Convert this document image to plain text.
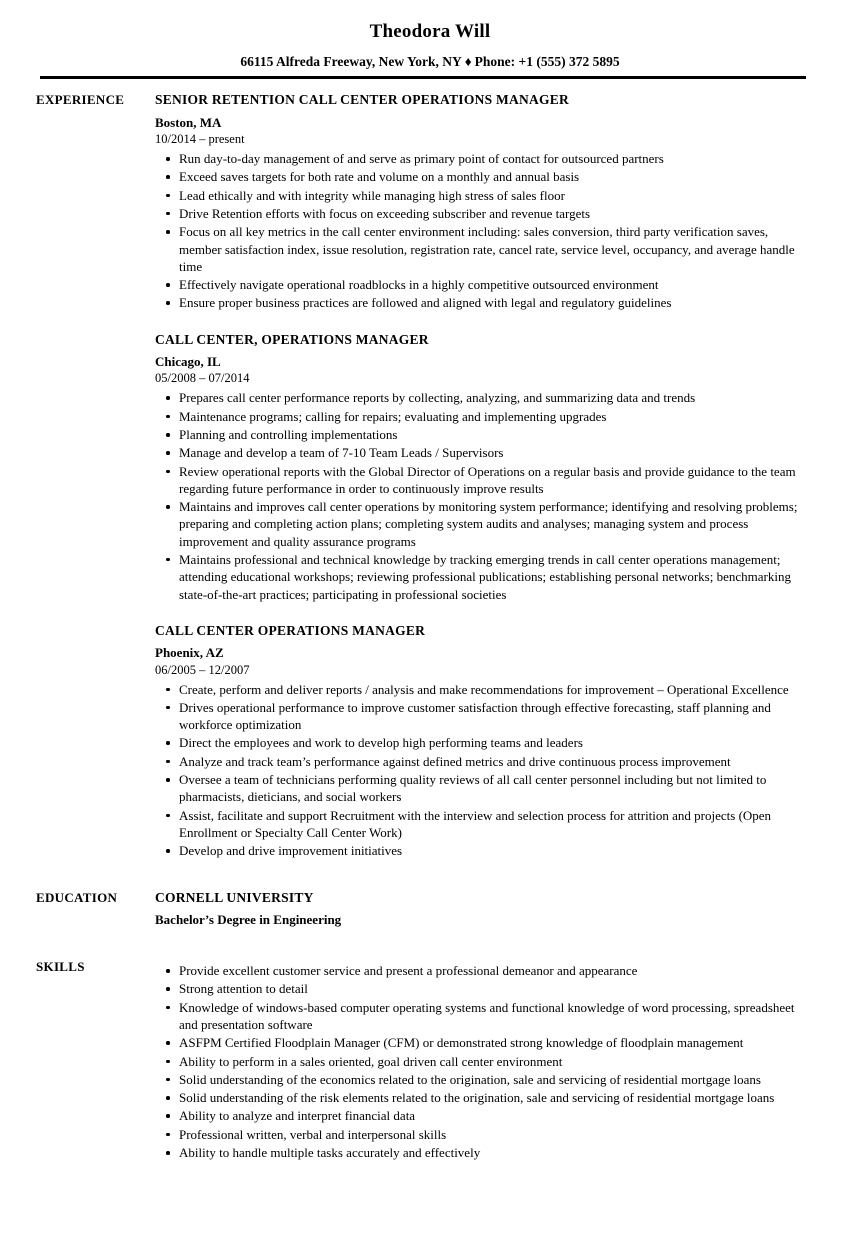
Theodora Will
66115 Alfreda Freeway, New York, NY ♦ Phone: +1 (555) 372 5895
EXPERIENCE	SENIOR RETENTION CALL CENTER OPERATIONS MANAGER
Boston, MA
10/2014 – present
Run day-to-day management of and serve as primary point of contact for outsourced partners
Exceed saves targets for both rate and volume on a monthly and annual basis
Lead ethically and with integrity while managing high stress of sales floor
Drive Retention efforts with focus on exceeding subscriber and revenue targets
Focus on all key metrics in the call center environment including: sales conversion, third party verification saves, member satisfaction index, issue resolution, registration rate, cancel rate, service level, occupancy, and average handle time
Effectively navigate operational roadblocks in a highly competitive outsourced environment
Ensure proper business practices are followed and aligned with legal and regulatory guidelines
CALL CENTER, OPERATIONS MANAGER
Chicago, IL
05/2008 – 07/2014
Prepares call center performance reports by collecting, analyzing, and summarizing data and trends
Maintenance programs; calling for repairs; evaluating and implementing upgrades
Planning and controlling implementations
Manage and develop a team of 7-10 Team Leads / Supervisors
Review operational reports with the Global Director of Operations on a regular basis and provide guidance to the team regarding future performance in order to continuously improve results
Maintains and improves call center operations by monitoring system performance; identifying and resolving problems; preparing and completing action plans; completing system audits and analyses; managing system and process improvement and quality assurance programs
Maintains professional and technical knowledge by tracking emerging trends in call center operations management; attending educational workshops; reviewing professional publications; establishing personal networks; benchmarking state-of-the-art practices; participating in professional societies
CALL CENTER OPERATIONS MANAGER
Phoenix, AZ
06/2005 – 12/2007
Create, perform and deliver reports / analysis and make recommendations for improvement – Operational Excellence
Drives operational performance to improve customer satisfaction through effective forecasting, staff planning and workforce optimization
Direct the employees and work to develop high performing teams and leaders
Analyze and track team’s performance against defined metrics and drive continuous process improvement
Oversee a team of technicians performing quality reviews of all call center personnel including but not limited to pharmacists, dieticians, and social workers
Assist, facilitate and support Recruitment with the interview and selection process for attrition and projects (Open Enrollment or Specialty Call Center Work)
Develop and drive improvement initiatives
EDUCATION	CORNELL UNIVERSITY
Bachelor’s Degree in Engineering
SKILLS	Provide excellent customer service and present a professional demeanor and appearance
Strong attention to detail
Knowledge of windows-based computer operating systems and functional knowledge of word processing, spreadsheet and presentation software
ASFPM Certified Floodplain Manager (CFM) or demonstrated strong knowledge of floodplain management
Ability to perform in a sales oriented, goal driven call center environment
Solid understanding of the economics related to the origination, sale and servicing of residential mortgage loans
Solid understanding of the risk elements related to the origination, sale and servicing of residential mortgage loans
Ability to analyze and interpret financial data
Professional written, verbal and interpersonal skills
Ability to handle multiple tasks accurately and effectively
